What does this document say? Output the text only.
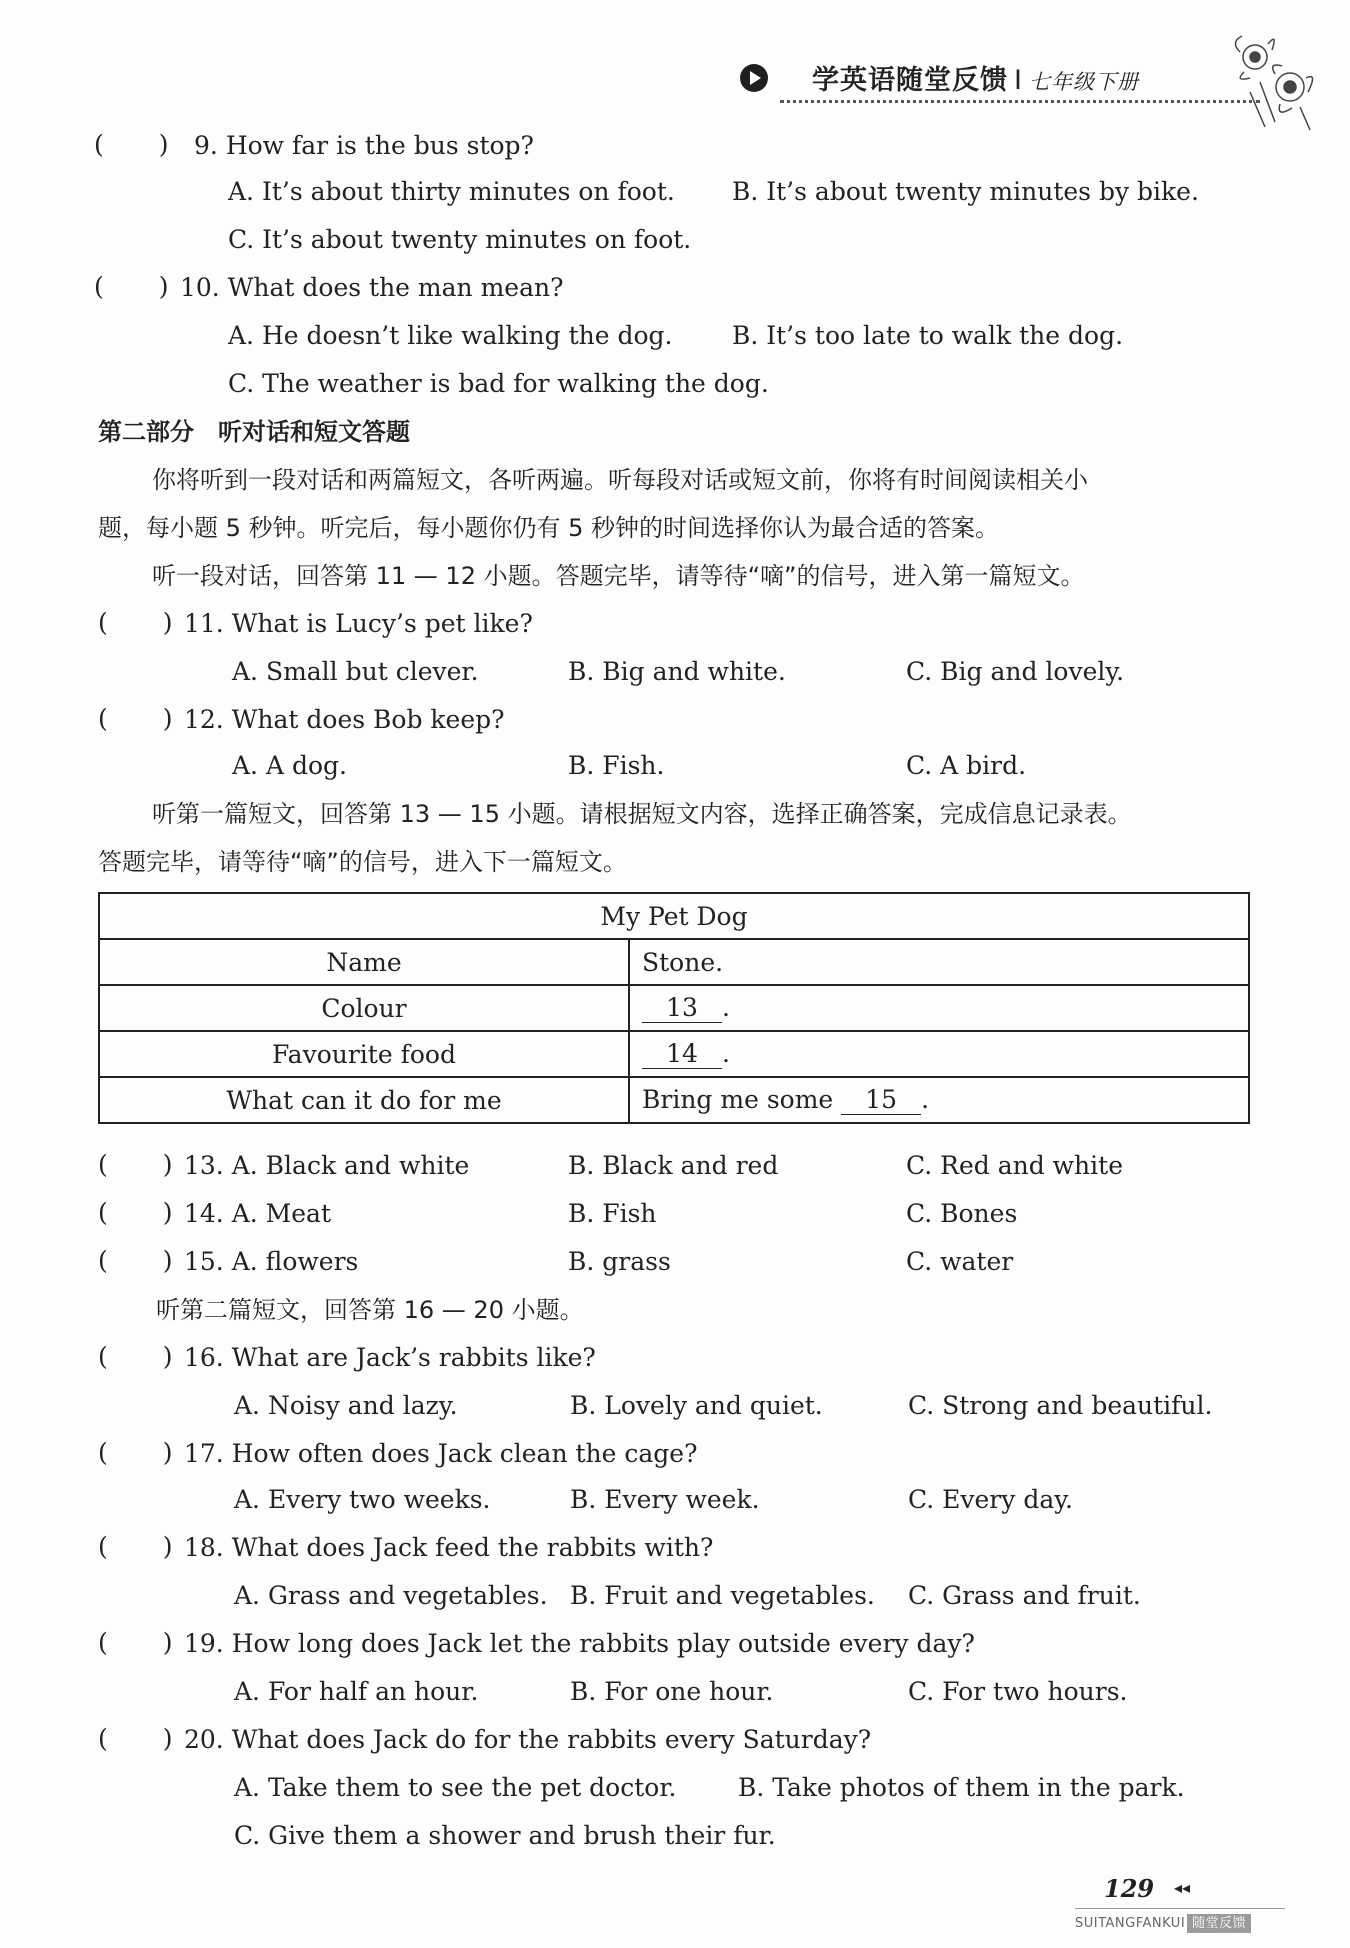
学英语随堂反馈 I 七年级下册
( ) 9. How far is the bus stop?
A. It’s about thirty minutes on foot. B. It’s about twenty minutes by bike.
C. It’s about twenty minutes on foot.
( ) 10. What does the man mean?
A. He doesn’t like walking the dog. B. It’s too late to walk the dog.
C. The weather is bad for walking the dog.
第二部分　听对话和短文答题
你将听到一段对话和两篇短文，各听两遍。听每段对话或短文前，你将有时间阅读相关小
题，每小题 5 秒钟。听完后，每小题你仍有 5 秒钟的时间选择你认为最合适的答案。
听一段对话，回答第 11 — 12 小题。答题完毕，请等待“嘀”的信号，进入第一篇短文。
( ) 11. What is Lucy’s pet like?
A. Small but clever.	B. Big and white.	C. Big and lovely.
( ) 12. What does Bob keep?
A. A dog.	B. Fish.	C. A bird.
听第一篇短文，回答第 13 — 15 小题。请根据短文内容，选择正确答案，完成信息记录表。
答题完毕，请等待“嘀”的信号，进入下一篇短文。
My Pet Dog	
Name	Stone.
Colour	13 .
Favourite food	14 .
What can it do for me	Bring me some 15 .
( ) 13. A. Black and white	B. Black and red	C. Red and white
( ) 14. A. Meat	B. Fish	C. Bones
( ) 15. A. flowers	B. grass	C. water
听第二篇短文，回答第 16 — 20 小题。
( ) 16. What are Jack’s rabbits like?
A. Noisy and lazy.	B. Lovely and quiet.	C. Strong and beautiful.
( ) 17. How often does Jack clean the cage?
A. Every two weeks.	B. Every week.	C. Every day.
( ) 18. What does Jack feed the rabbits with?
A. Grass and vegetables. B. Fruit and vegetables. C. Grass and fruit.
( ) 19. How long does Jack let the rabbits play outside every day?
A. For half an hour.	B. For one hour.	C. For two hours.
( ) 20. What does Jack do for the rabbits every Saturday?
A. Take them to see the pet doctor. B. Take photos of them in the park.
C. Give them a shower and brush their fur.
129 ◂◂
SUITANGFANKUI 随堂反馈
